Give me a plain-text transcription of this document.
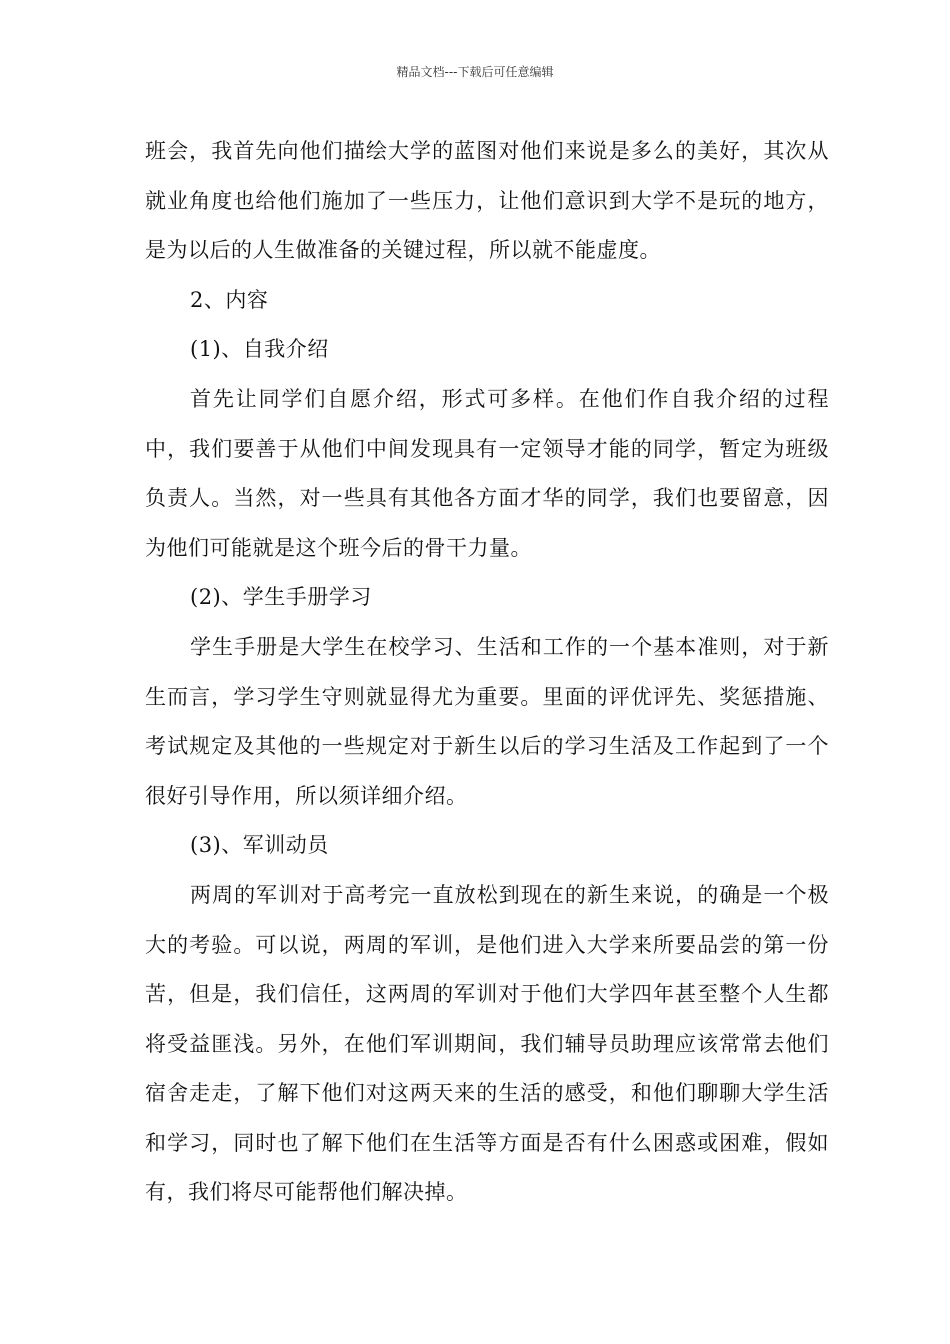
精品文档---下载后可任意编辑

班会，我首先向他们描绘大学的蓝图对他们来说是多么的美好，其次从就业角度也给他们施加了一些压力，让他们意识到大学不是玩的地方，是为以后的人生做准备的关键过程，所以就不能虚度。

2、内容

(1)、自我介绍

首先让同学们自愿介绍，形式可多样。在他们作自我介绍的过程中，我们要善于从他们中间发现具有一定领导才能的同学，暂定为班级负责人。当然，对一些具有其他各方面才华的同学，我们也要留意，因为他们可能就是这个班今后的骨干力量。

(2)、学生手册学习

学生手册是大学生在校学习、生活和工作的一个基本准则，对于新生而言，学习学生守则就显得尤为重要。里面的评优评先、奖惩措施、考试规定及其他的一些规定对于新生以后的学习生活及工作起到了一个很好引导作用，所以须详细介绍。

(3)、军训动员

两周的军训对于高考完一直放松到现在的新生来说，的确是一个极大的考验。可以说，两周的军训，是他们进入大学来所要品尝的第一份苦，但是，我们信任，这两周的军训对于他们大学四年甚至整个人生都将受益匪浅。另外，在他们军训期间，我们辅导员助理应该常常去他们宿舍走走，了解下他们对这两天来的生活的感受，和他们聊聊大学生活和学习，同时也了解下他们在生活等方面是否有什么困惑或困难，假如有，我们将尽可能帮他们解决掉。
